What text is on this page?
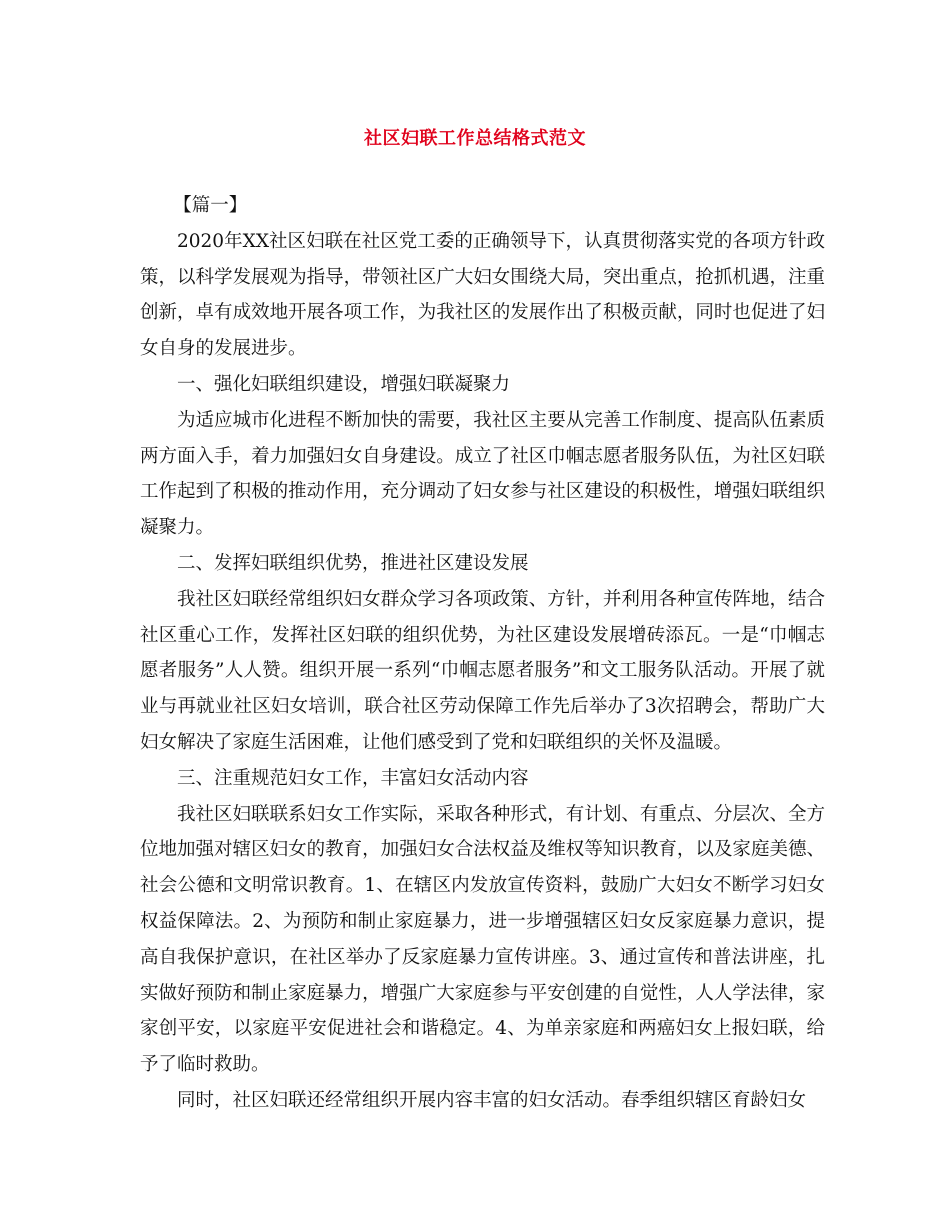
社区妇联工作总结格式范文

【篇一】

2020年XX社区妇联在社区党工委的正确领导下，认真贯彻落实党的各项方针政策，以科学发展观为指导，带领社区广大妇女围绕大局，突出重点，抢抓机遇，注重创新，卓有成效地开展各项工作，为我社区的发展作出了积极贡献，同时也促进了妇女自身的发展进步。

一、强化妇联组织建设，增强妇联凝聚力

为适应城市化进程不断加快的需要，我社区主要从完善工作制度、提高队伍素质两方面入手，着力加强妇女自身建设。成立了社区巾帼志愿者服务队伍，为社区妇联工作起到了积极的推动作用，充分调动了妇女参与社区建设的积极性，增强妇联组织凝聚力。

二、发挥妇联组织优势，推进社区建设发展

我社区妇联经常组织妇女群众学习各项政策、方针，并利用各种宣传阵地，结合社区重心工作，发挥社区妇联的组织优势，为社区建设发展增砖添瓦。一是“巾帼志愿者服务”人人赞。组织开展一系列“巾帼志愿者服务”和文工服务队活动。开展了就业与再就业社区妇女培训，联合社区劳动保障工作先后举办了3次招聘会，帮助广大妇女解决了家庭生活困难，让他们感受到了党和妇联组织的关怀及温暖。

三、注重规范妇女工作，丰富妇女活动内容

我社区妇联联系妇女工作实际，采取各种形式，有计划、有重点、分层次、全方位地加强对辖区妇女的教育，加强妇女合法权益及维权等知识教育，以及家庭美德、社会公德和文明常识教育。1、在辖区内发放宣传资料，鼓励广大妇女不断学习妇女权益保障法。2、为预防和制止家庭暴力，进一步增强辖区妇女反家庭暴力意识，提高自我保护意识，在社区举办了反家庭暴力宣传讲座。3、通过宣传和普法讲座，扎实做好预防和制止家庭暴力，增强广大家庭参与平安创建的自觉性，人人学法律，家家创平安，以家庭平安促进社会和谐稳定。4、为单亲家庭和两癌妇女上报妇联，给予了临时救助。

同时，社区妇联还经常组织开展内容丰富的妇女活动。春季组织辖区育龄妇女
